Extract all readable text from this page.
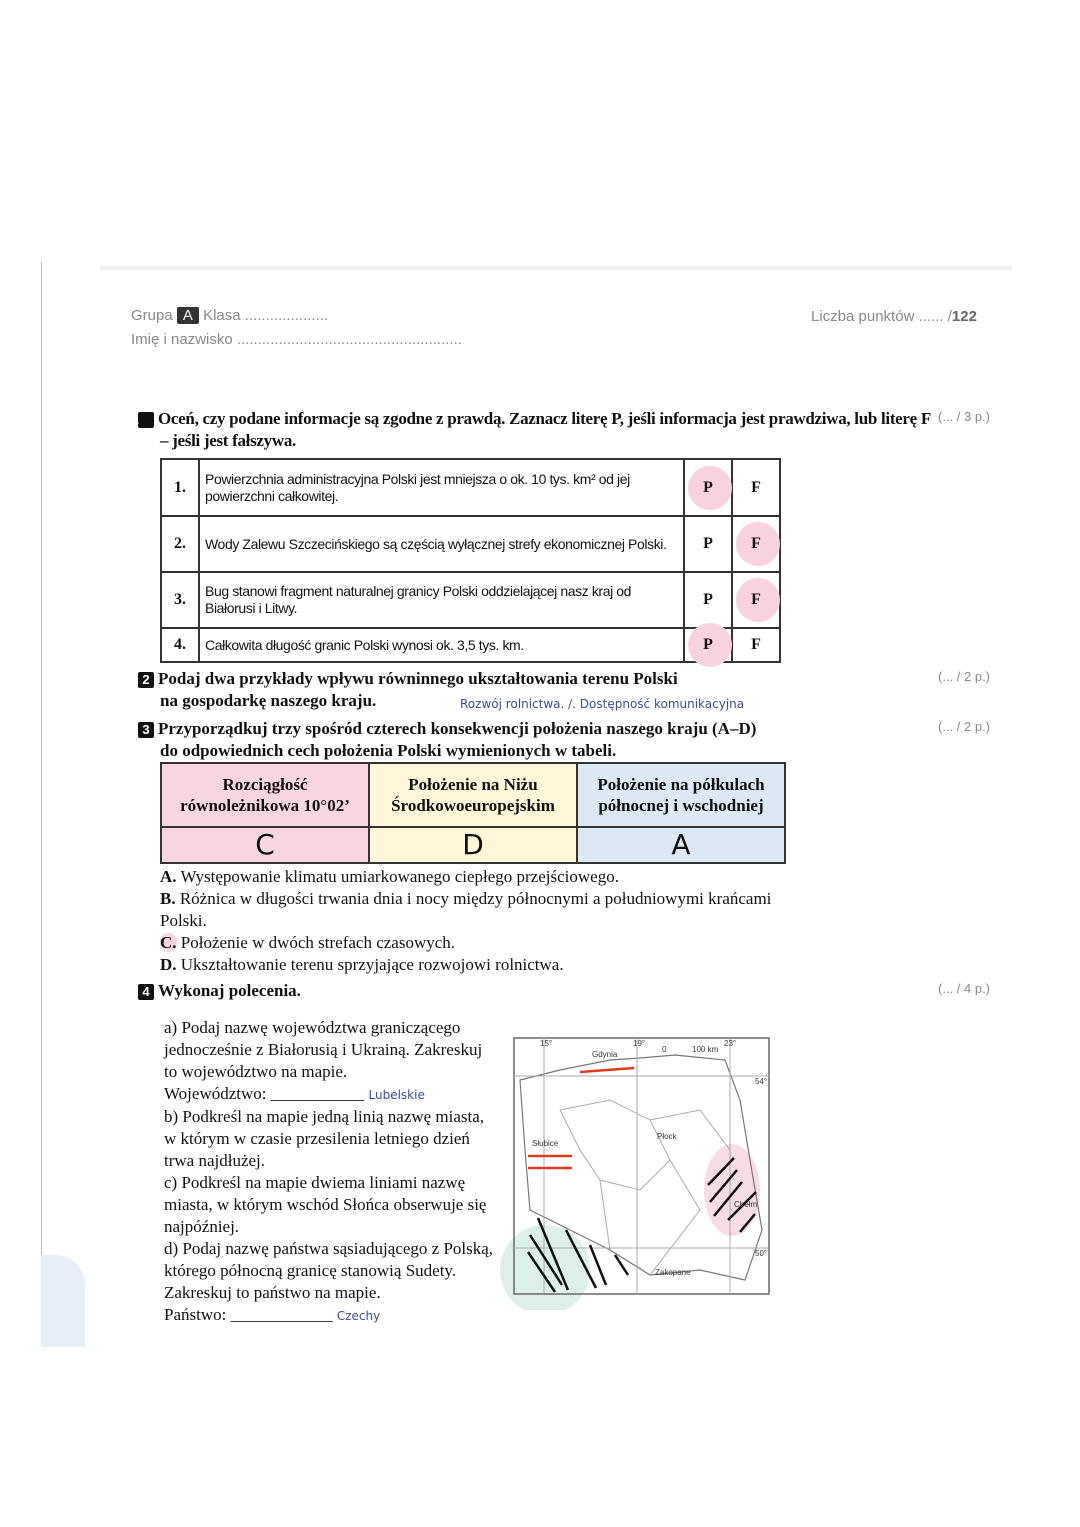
Grupa A Klasa ....................
Imię i nazwisko ......................................................
Liczba punktów ...... /122
1 Oceń, czy podane informacje są zgodne z prawdą. Zaznacz literę P, jeśli informacja jest prawdziwa, lub literę F – jeśli jest fałszywa.
(... / 3 p.)
1.	Powierzchnia administracyjna Polski jest mniejsza o ok. 10 tys. km² od jej powierzchni całkowitej.	P	F
2.	Wody Zalewu Szczecińskiego są częścią wyłącznej strefy ekonomicznej Polski.	P	F
3.	Bug stanowi fragment naturalnej granicy Polski oddzielającej nasz kraj od Białorusi i Litwy.	P	F
4.	Całkowita długość granic Polski wynosi ok. 3,5 tys. km.	P	F
2 Podaj dwa przykłady wpływu równinnego ukształtowania terenu Polski
na gospodarkę naszego kraju.	Rozwój rolnictwa. /. Dostępność komunikacyjna
(... / 2 p.)
3 Przyporządkuj trzy spośród czterech konsekwencji położenia naszego kraju (A–D)
do odpowiednich cech położenia Polski wymienionych w tabeli.
(... / 2 p.)
Rozciągłość równoleżnikowa 10°02’	Położenie na Niżu Środkowoeuropejskim	Położenie na półkulach północnej i wschodniej
C	D	A
A. Występowanie klimatu umiarkowanego ciepłego przejściowego.
B. Różnica w długości trwania dnia i nocy między północnymi a południowymi krańcami Polski.
C. Położenie w dwóch strefach czasowych.
D. Ukształtowanie terenu sprzyjające rozwojowi rolnictwa.
4 Wykonaj polecenia.	(... / 4 p.)
a) Podaj nazwę województwa graniczącego jednocześnie z Białorusią i Ukrainą. Zakreskuj to województwo na mapie.
Województwo: ___________ Lubelskie
b) Podkreśl na mapie jedną linią nazwę miasta, w którym w czasie przesilenia letniego dzień trwa najdłużej.
c) Podkreśl na mapie dwiema liniami nazwę miasta, w którym wschód Słońca obserwuje się najpóźniej.
d) Podaj nazwę państwa sąsiadującego z Polską, którego północną granicę stanowią Sudety. Zakreskuj to państwo na mapie.
Państwo: ____________ Czechy
Gdynia
Płock
Słubice
Chełm
Zakopane
0	100 km
15°	19°	23°
54°
50°
